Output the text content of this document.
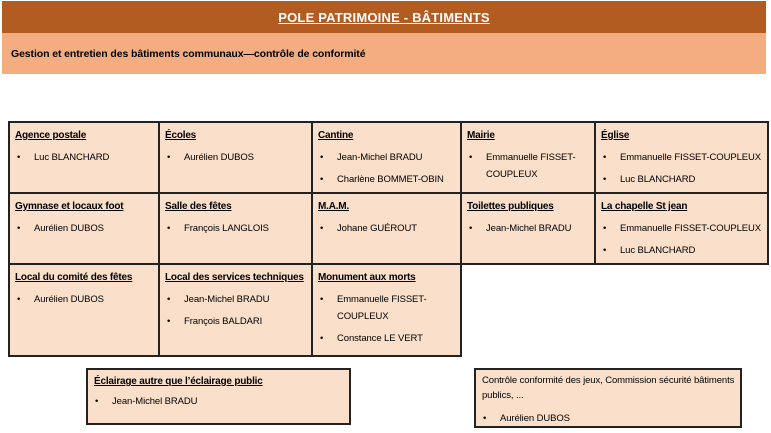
POLE PATRIMOINE - BÂTIMENTS
Gestion et entretien des bâtiments communaux—contrôle de conformité
Agence postale
•	Luc BLANCHARD

Écoles
•	Aurélien DUBOS

Cantine
•	Jean-Michel BRADU
•	Charlène BOMMET-OBIN

Mairie
•	Emmanuelle FISSET-COUPLEUX

Église
•	Emmanuelle FISSET-COUPLEUX
•	Luc BLANCHARD

Gymnase et locaux foot
•	Aurélien DUBOS

Salle des fêtes
•	François LANGLOIS

M.A.M.
•	Johane GUÉROUT

Toilettes publiques
•	Jean-Michel BRADU

La chapelle St jean
•	Emmanuelle FISSET-COUPLEUX
•	Luc BLANCHARD

Local du comité des fêtes
•	Aurélien DUBOS

Local des services techniques
•	Jean-Michel BRADU
•	François BALDARI

Monument aux morts
•	Emmanuelle FISSET-COUPLEUX
•	Constance LE VERT

Éclairage autre que l’éclairage public
•	Jean-Michel BRADU
Contrôle conformité des jeux, Commission sécurité bâtiments publics, ...
•	Aurélien DUBOS
